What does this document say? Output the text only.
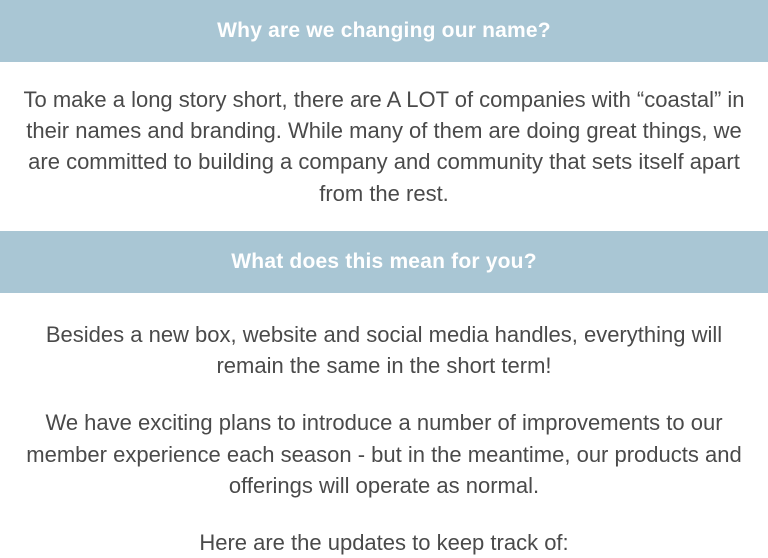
Why are we changing our name?

To make a long story short, there are A LOT of companies with “coastal” in their names and branding. While many of them are doing great things, we are committed to building a company and community that sets itself apart from the rest.

What does this mean for you?

Besides a new box, website and social media handles, everything will remain the same in the short term!

We have exciting plans to introduce a number of improvements to our member experience each season - but in the meantime, our products and offerings will operate as normal.

Here are the updates to keep track of:
